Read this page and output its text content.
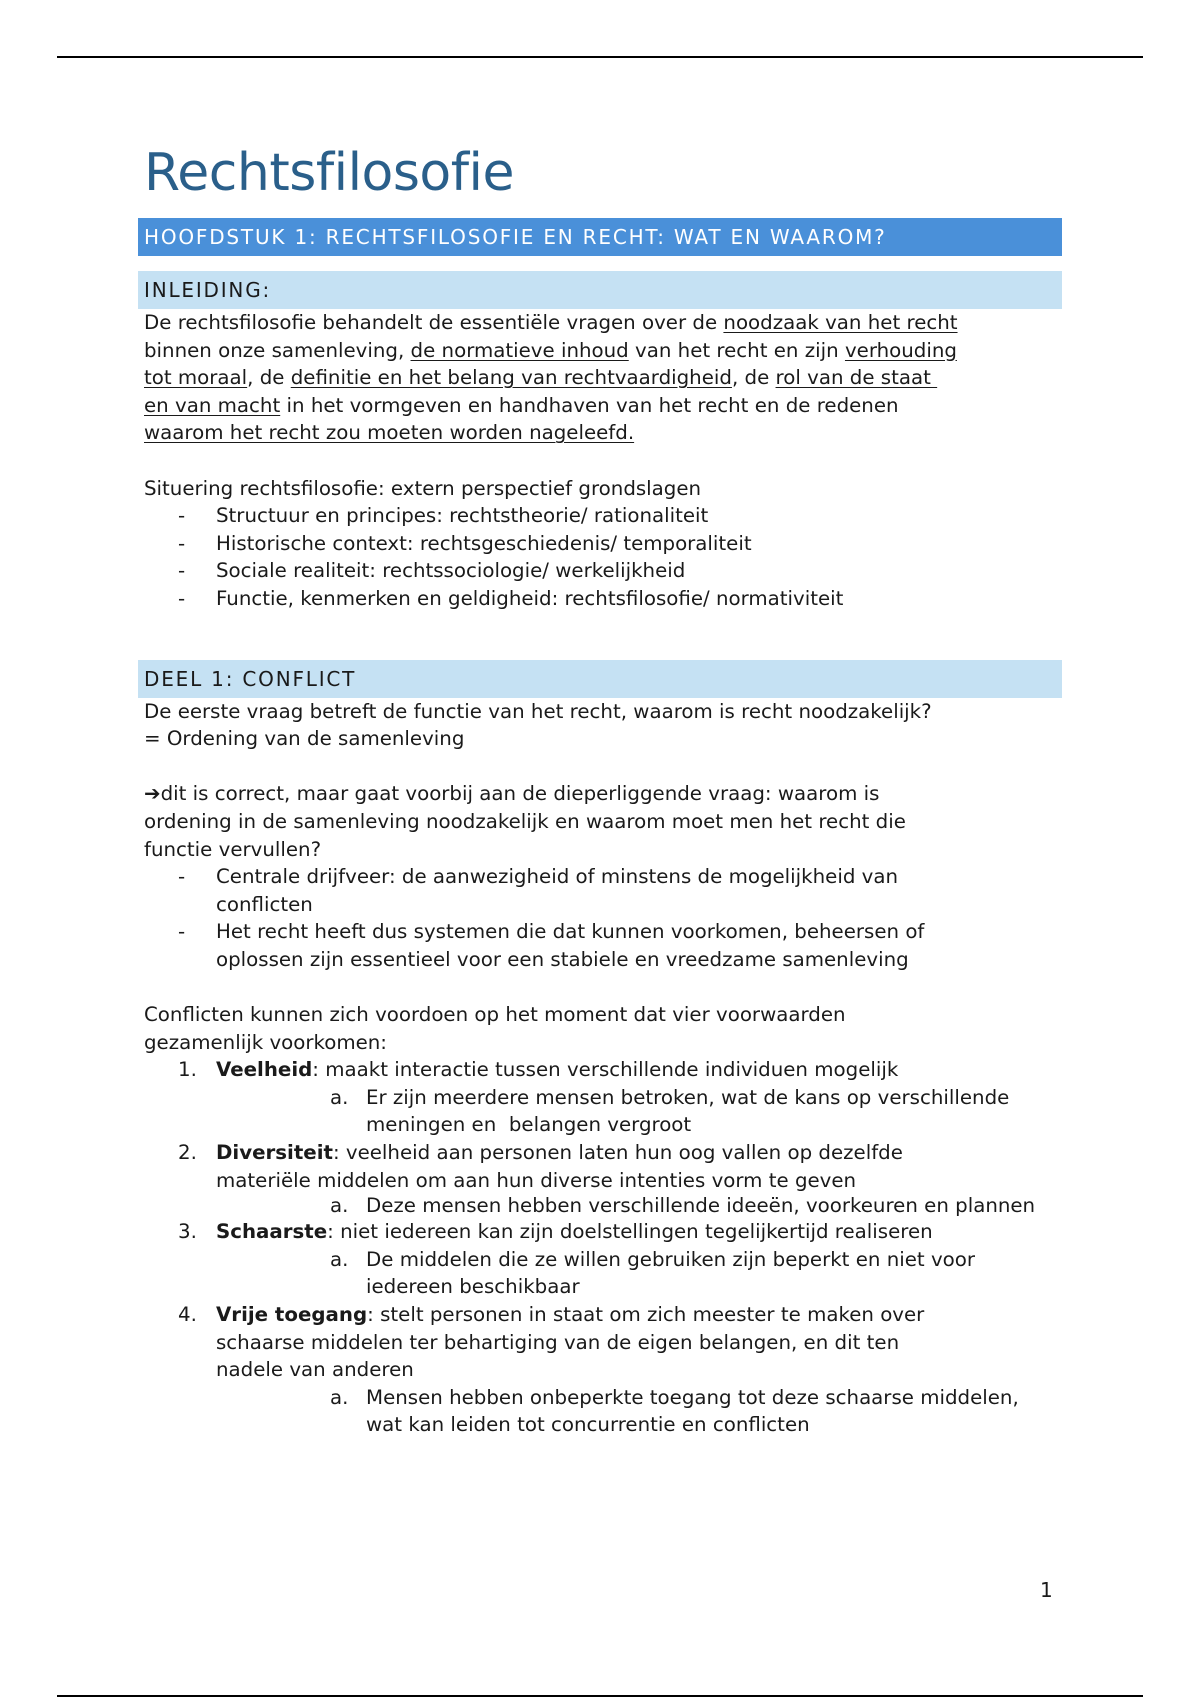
Rechtsfilosofie
HOOFDSTUK 1: RECHTSFILOSOFIE EN RECHT: WAT EN WAAROM?
INLEIDING:
De rechtsfilosofie behandelt de essentiële vragen over de noodzaak van het recht
binnen onze samenleving, de normatieve inhoud van het recht en zijn verhouding
tot moraal, de definitie en het belang van rechtvaardigheid, de rol van de staat
en van macht in het vormgeven en handhaven van het recht en de redenen
waarom het recht zou moeten worden nageleefd.
Situering rechtsfilosofie: extern perspectief grondslagen
- Structuur en principes: rechtstheorie/ rationaliteit
- Historische context: rechtsgeschiedenis/ temporaliteit
- Sociale realiteit: rechtssociologie/ werkelijkheid
- Functie, kenmerken en geldigheid: rechtsfilosofie/ normativiteit
DEEL 1: CONFLICT
De eerste vraag betreft de functie van het recht, waarom is recht noodzakelijk?
= Ordening van de samenleving
➔dit is correct, maar gaat voorbij aan de dieperliggende vraag: waarom is
ordening in de samenleving noodzakelijk en waarom moet men het recht die
functie vervullen?
- Centrale drijfveer: de aanwezigheid of minstens de mogelijkheid van
conflicten
- Het recht heeft dus systemen die dat kunnen voorkomen, beheersen of
oplossen zijn essentieel voor een stabiele en vreedzame samenleving
Conflicten kunnen zich voordoen op het moment dat vier voorwaarden
gezamenlijk voorkomen:
1. Veelheid: maakt interactie tussen verschillende individuen mogelijk
a. Er zijn meerdere mensen betroken, wat de kans op verschillende
meningen en  belangen vergroot
2. Diversiteit: veelheid aan personen laten hun oog vallen op dezelfde
materiële middelen om aan hun diverse intenties vorm te geven
a. Deze mensen hebben verschillende ideeën, voorkeuren en plannen
3. Schaarste: niet iedereen kan zijn doelstellingen tegelijkertijd realiseren
a. De middelen die ze willen gebruiken zijn beperkt en niet voor
iedereen beschikbaar
4. Vrije toegang: stelt personen in staat om zich meester te maken over
schaarse middelen ter behartiging van de eigen belangen, en dit ten
nadele van anderen
a. Mensen hebben onbeperkte toegang tot deze schaarse middelen,
wat kan leiden tot concurrentie en conflicten
1
